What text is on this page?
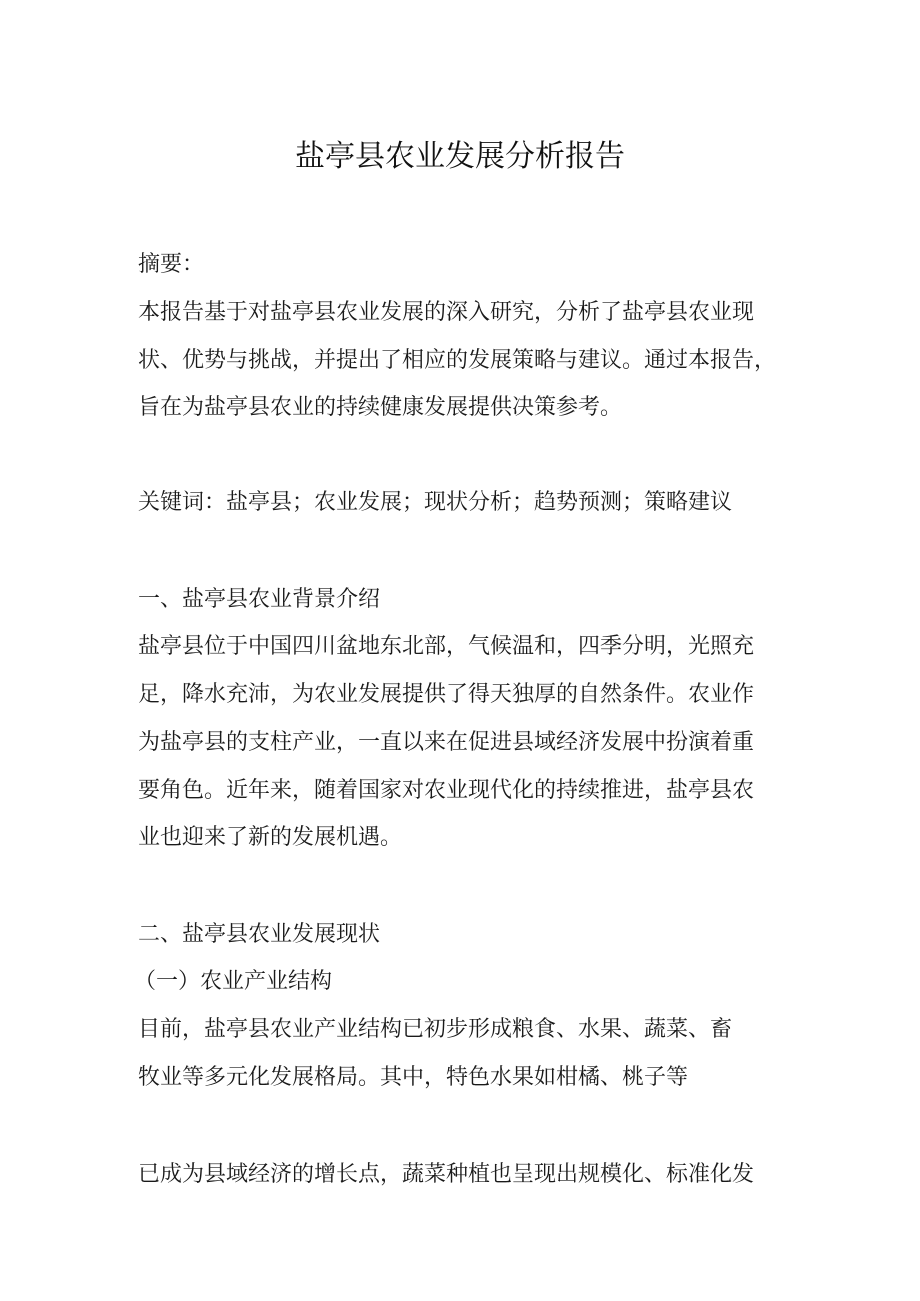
盐亭县农业发展分析报告

摘要：

本报告基于对盐亭县农业发展的深入研究，分析了盐亭县农业现

状、优势与挑战，并提出了相应的发展策略与建议。通过本报告，

旨在为盐亭县农业的持续健康发展提供决策参考。

关键词：盐亭县；农业发展；现状分析；趋势预测；策略建议

一、盐亭县农业背景介绍

盐亭县位于中国四川盆地东北部，气候温和，四季分明，光照充

足，降水充沛，为农业发展提供了得天独厚的自然条件。农业作

为盐亭县的支柱产业，一直以来在促进县域经济发展中扮演着重

要角色。近年来，随着国家对农业现代化的持续推进，盐亭县农

业也迎来了新的发展机遇。

二、盐亭县农业发展现状

（一）农业产业结构

目前，盐亭县农业产业结构已初步形成粮食、水果、蔬菜、畜

牧业等多元化发展格局。其中，特色水果如柑橘、桃子等

已成为县域经济的增长点，蔬菜种植也呈现出规模化、标准化发
